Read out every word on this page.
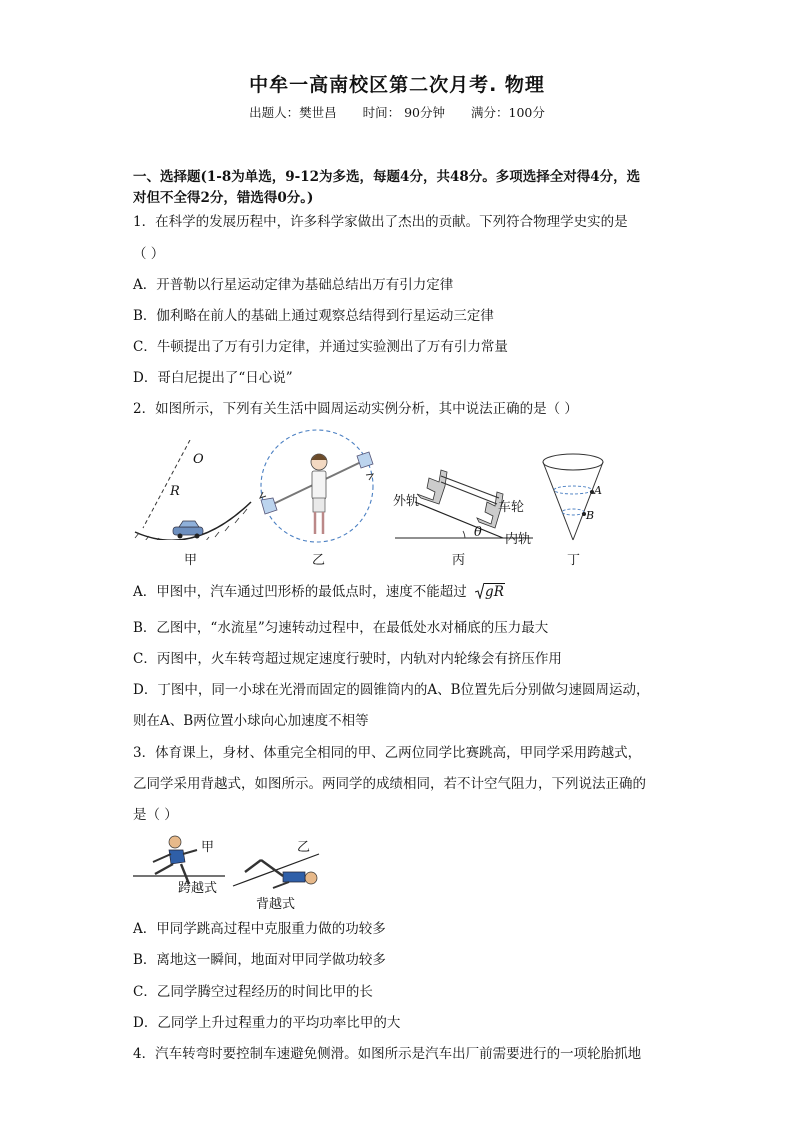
中牟一高南校区第二次月考. 物理
出题人：樊世昌 时间： 90分钟 满分：100分
一、选择题(1-8为单选，9-12为多选，每题4分，共48分。多项选择全对得4分，选
对但不全得2分，错选得0分。)
1．在科学的发展历程中，许多科学家做出了杰出的贡献。下列符合物理学史实的是
（ ）
A．开普勒以行星运动定律为基础总结出万有引力定律
B．伽利略在前人的基础上通过观察总结得到行星运动三定律
C．牛顿提出了万有引力定律，并通过实验测出了万有引力常量
D．哥白尼提出了“日心说”
2．如图所示，下列有关生活中圆周运动实例分析，其中说法正确的是（ ）
O
R
甲	乙
外轨	车轮
内轨
θ
丙
A
B
丁
A．甲图中，汽车通过凹形桥的最低点时，速度不能超过 gR
B．乙图中，“水流星”匀速转动过程中，在最低处水对桶底的压力最大
C．丙图中，火车转弯超过规定速度行驶时，内轨对内轮缘会有挤压作用
D．丁图中，同一小球在光滑而固定的圆锥筒内的A、B位置先后分别做匀速圆周运动，
则在A、B两位置小球向心加速度不相等
3．体育课上，身材、体重完全相同的甲、乙两位同学比赛跳高，甲同学采用跨越式，
乙同学采用背越式，如图所示。两同学的成绩相同，若不计空气阻力，下列说法正确的
是（ ）
甲	乙
跨越式
背越式
A．甲同学跳高过程中克服重力做的功较多
B．离地这一瞬间，地面对甲同学做功较多
C．乙同学腾空过程经历的时间比甲的长
D．乙同学上升过程重力的平均功率比甲的大
4．汽车转弯时要控制车速避免侧滑。如图所示是汽车出厂前需要进行的一项轮胎抓地
